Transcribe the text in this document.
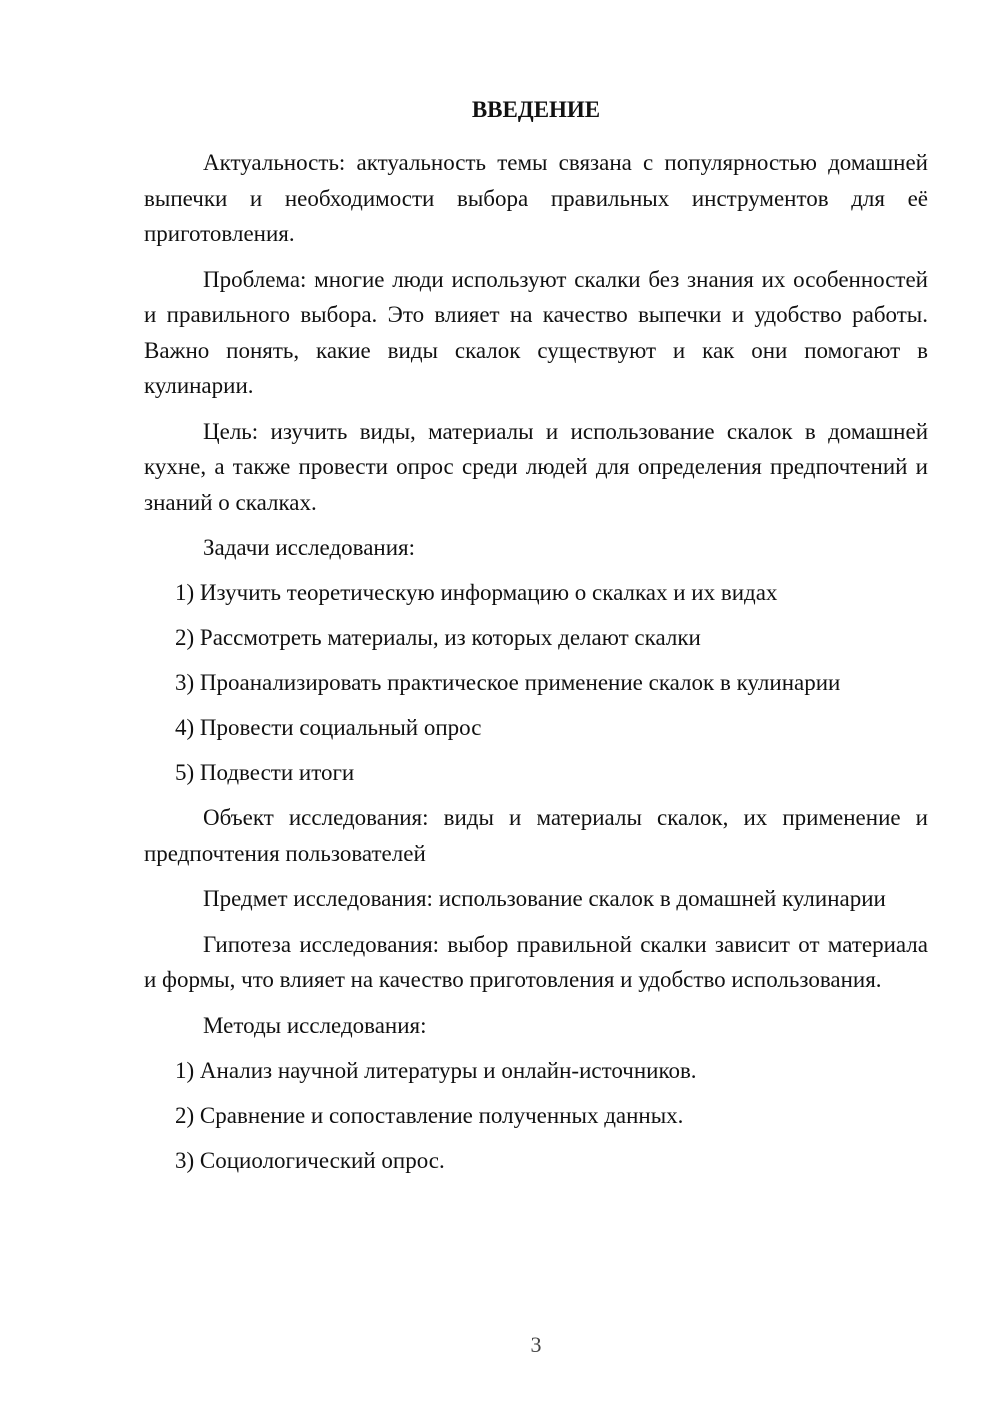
ВВЕДЕНИЕ

Актуальность: актуальность темы связана с популярностью домашней выпечки и необходимости выбора правильных инструментов для её приготовления.

Проблема: многие люди используют скалки без знания их особенностей и правильного выбора. Это влияет на качество выпечки и удобство работы. Важно понять, какие виды скалок существуют и как они помогают в кулинарии.

Цель: изучить виды, материалы и использование скалок в домашней кухне, а также провести опрос среди людей для определения предпочтений и знаний о скалках.

Задачи исследования:

1) Изучить теоретическую информацию о скалках и их видах
2) Рассмотреть материалы, из которых делают скалки
3) Проанализировать практическое применение скалок в кулинарии
4) Провести социальный опрос
5) Подвести итоги

Объект исследования: виды и материалы скалок, их применение и предпочтения пользователей

Предмет исследования: использование скалок в домашней кулинарии

Гипотеза исследования: выбор правильной скалки зависит от материала и формы, что влияет на качество приготовления и удобство использования.

Методы исследования:

1) Анализ научной литературы и онлайн-источников.
2) Сравнение и сопоставление полученных данных.
3) Социологический опрос.
3
